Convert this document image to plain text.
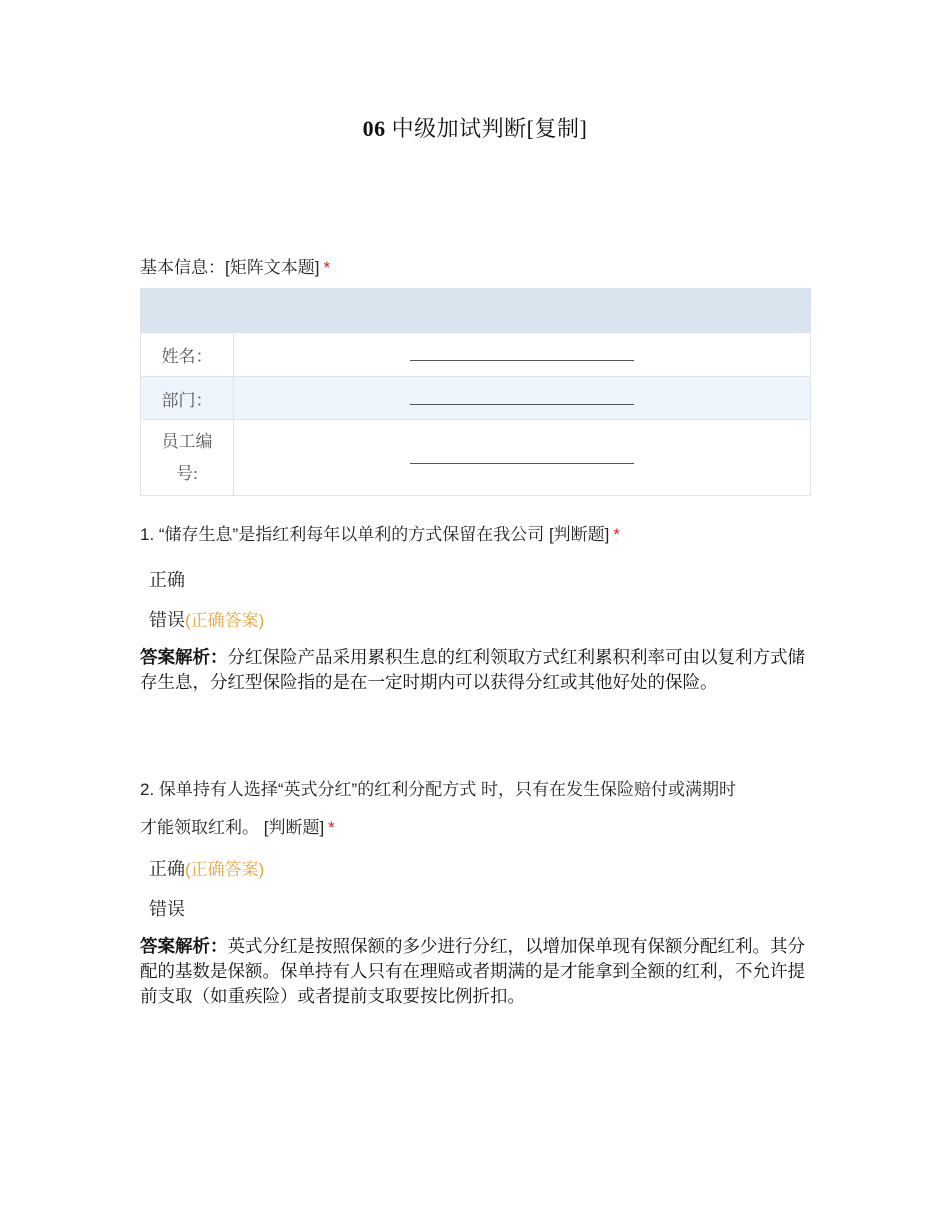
06 中级加试判断[复制]
基本信息：[矩阵文本题] *

姓名：	
部门：	

员工编
号:	

1. “储存生息”是指红利每年以单利的方式保留在我公司 [判断题] *
正确
错误(正确答案)
答案解析：分红保险产品采用累积生息的红利领取方式红利累积利率可由以复利方式储存生息，分红型保险指的是在一定时期内可以获得分红或其他好处的保险。
2. 保单持有人选择“英式分红”的红利分配方式 时，只有在发生保险赔付或满期时
才能领取红利。 [判断题] *
正确(正确答案)
错误
答案解析：英式分红是按照保额的多少进行分红，以增加保单现有保额分配红利。其分配的基数是保额。保单持有人只有在理赔或者期满的是才能拿到全额的红利，不允许提前支取（如重疾险）或者提前支取要按比例折扣。
